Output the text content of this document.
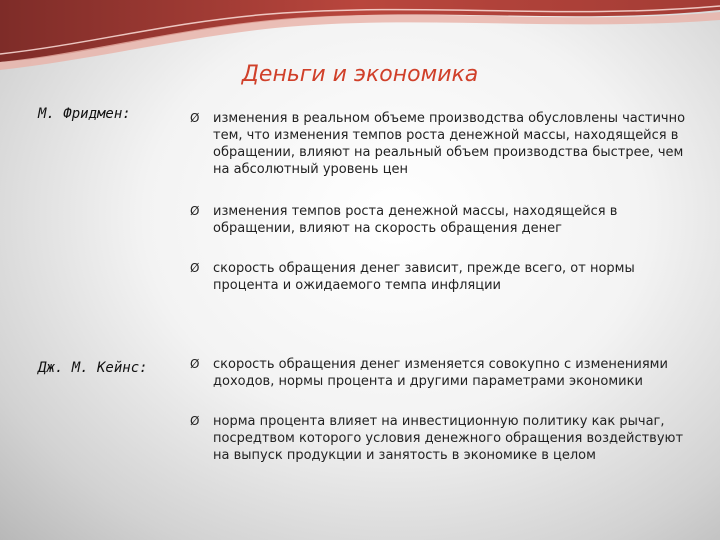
Деньги и экономика
М. Фридмен:	Ø изменения в реальном объеме производства обусловлены частично тем, что изменения темпов роста денежной массы, находящейся в обращении, влияют на реальный объем производства быстрее, чем на абсолютный уровень цен
Ø изменения темпов роста денежной массы, находящейся в обращении, влияют на скорость обращения денег
Ø скорость обращения денег зависит, прежде всего, от нормы процента и ожидаемого темпа инфляции
Дж. М. Кейнс:	Ø скорость обращения денег изменяется совокупно с изменениями доходов, нормы процента и другими параметрами экономики
Ø норма процента влияет на инвестиционную политику как рычаг, посредтвом которого условия денежного обращения воздействуют на выпуск продукции и занятость в экономике в целом
